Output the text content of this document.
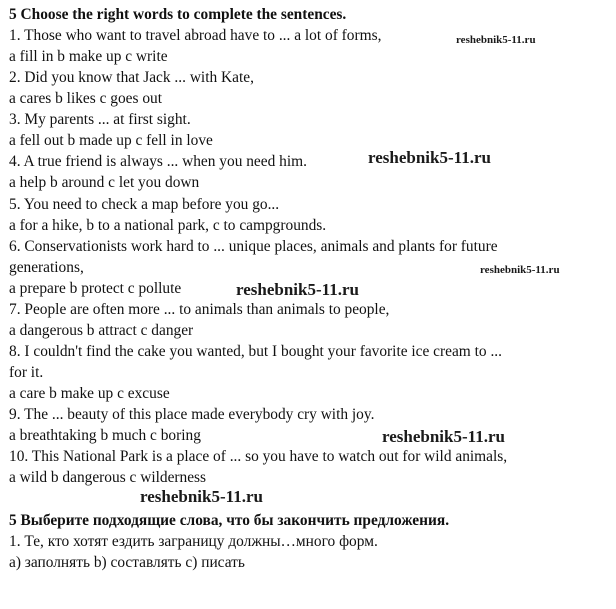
5 Choose the right words to complete the sentences.
1. Those who want to travel abroad have to ... a lot of forms,
a fill in b make up c write
2. Did you know that Jack ... with Kate,
a cares b likes c goes out
3. My parents ... at first sight.
a fell out b made up c fell in love
4. A true friend is always ... when you need him.
a help b around c let you down
5. You need to check a map before you go...
a for a hike, b to a national park, c to campgrounds.
6. Conservationists work hard to ... unique places, animals and plants for future
generations,
a prepare b protect c pollute
7. People are often more ... to animals than animals to people,
a dangerous b attract c danger
8. I couldn't find the cake you wanted, but I bought your favorite ice cream to ...
for it.
a care b make up c excuse
9. The ... beauty of this place made everybody cry with joy.
a breathtaking b much c boring
10. This National Park is a place of ... so you have to watch out for wild animals,
a wild b dangerous c wilderness
5 Выберите подходящие слова, что бы закончить предложения.
1. Те, кто хотят ездить заграницу должны…много форм.
а) заполнять b) составлять с) писать
reshebnik5-11.ru
reshebnik5-11.ru
reshebnik5-11.ru
reshebnik5-11.ru
reshebnik5-11.ru
reshebnik5-11.ru
